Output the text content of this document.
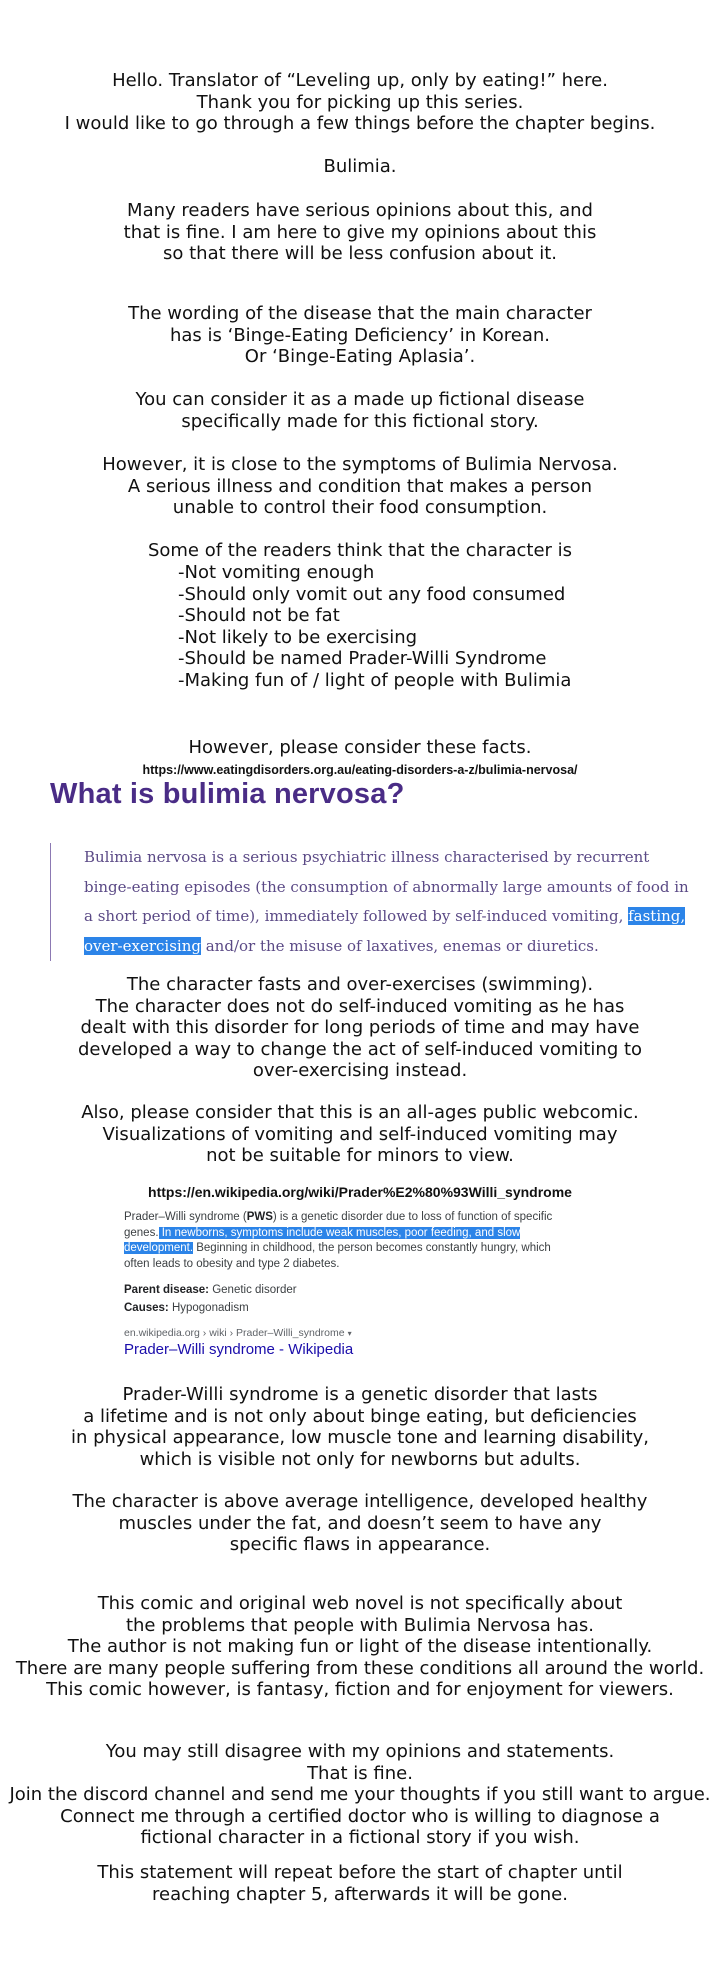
Hello. Translator of “Leveling up, only by eating!” here.
Thank you for picking up this series.
I would like to go through a few things before the chapter begins.
Bulimia.
Many readers have serious opinions about this, and
that is fine. I am here to give my opinions about this
so that there will be less confusion about it.
The wording of the disease that the main character
has is ‘Binge-Eating Deficiency’ in Korean.
Or ‘Binge-Eating Aplasia’.
You can consider it as a made up fictional disease
specifically made for this fictional story.
However, it is close to the symptoms of Bulimia Nervosa.
A serious illness and condition that makes a person
unable to control their food consumption.
Some of the readers think that the character is
-Not vomiting enough
-Should only vomit out any food consumed
-Should not be fat
-Not likely to be exercising
-Should be named Prader-Willi Syndrome
-Making fun of / light of people with Bulimia
However, please consider these facts.
https://www.eatingdisorders.org.au/eating-disorders-a-z/bulimia-nervosa/
What is bulimia nervosa?
Bulimia nervosa is a serious psychiatric illness characterised by recurrent
binge-eating episodes (the consumption of abnormally large amounts of food in
a short period of time), immediately followed by self-induced vomiting, fasting,
over-exercising and/or the misuse of laxatives, enemas or diuretics.
The character fasts and over-exercises (swimming).
The character does not do self-induced vomiting as he has
dealt with this disorder for long periods of time and may have
developed a way to change the act of self-induced vomiting to
over-exercising instead.
Also, please consider that this is an all-ages public webcomic.
Visualizations of vomiting and self-induced vomiting may
not be suitable for minors to view.
https://en.wikipedia.org/wiki/Prader%E2%80%93Willi_syndrome
Prader–Willi syndrome (PWS) is a genetic disorder due to loss of function of specific
genes. In newborns, symptoms include weak muscles, poor feeding, and slow
development. Beginning in childhood, the person becomes constantly hungry, which
often leads to obesity and type 2 diabetes.
Parent disease: Genetic disorder
Causes: Hypogonadism
en.wikipedia.org › wiki › Prader–Willi_syndrome ▾
Prader–Willi syndrome - Wikipedia
Prader-Willi syndrome is a genetic disorder that lasts
a lifetime and is not only about binge eating, but deficiencies
in physical appearance, low muscle tone and learning disability,
which is visible not only for newborns but adults.
The character is above average intelligence, developed healthy
muscles under the fat, and doesn’t seem to have any
specific flaws in appearance.
This comic and original web novel is not specifically about
the problems that people with Bulimia Nervosa has.
The author is not making fun or light of the disease intentionally.
There are many people suffering from these conditions all around the world.
This comic however, is fantasy, fiction and for enjoyment for viewers.
You may still disagree with my opinions and statements.
That is fine.
Join the discord channel and send me your thoughts if you still want to argue.
Connect me through a certified doctor who is willing to diagnose a
fictional character in a fictional story if you wish.
This statement will repeat before the start of chapter until
reaching chapter 5, afterwards it will be gone.
